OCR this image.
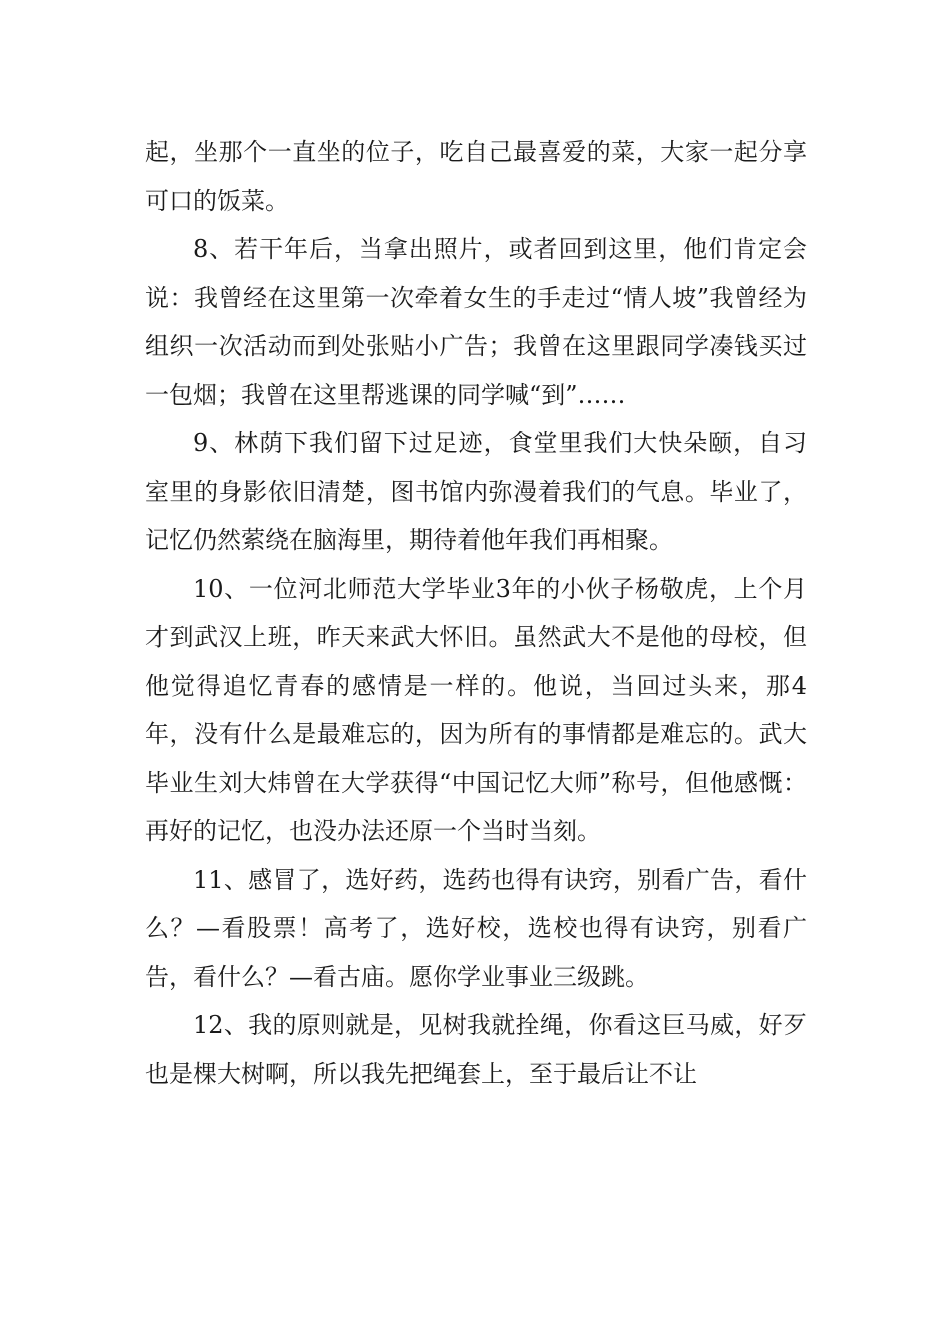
起，坐那个一直坐的位子，吃自己最喜爱的菜，大家一起分享可口的饭菜。

8、若干年后，当拿出照片，或者回到这里，他们肯定会说：我曾经在这里第一次牵着女生的手走过“情人坡”我曾经为组织一次活动而到处张贴小广告；我曾在这里跟同学凑钱买过一包烟；我曾在这里帮逃课的同学喊“到”……

9、林荫下我们留下过足迹，食堂里我们大快朵颐，自习室里的身影依旧清楚，图书馆内弥漫着我们的气息。毕业了，记忆仍然萦绕在脑海里，期待着他年我们再相聚。

10、一位河北师范大学毕业3年的小伙子杨敬虎，上个月才到武汉上班，昨天来武大怀旧。虽然武大不是他的母校，但他觉得追忆青春的感情是一样的。他说，当回过头来，那4年，没有什么是最难忘的，因为所有的事情都是难忘的。武大毕业生刘大炜曾在大学获得“中国记忆大师”称号，但他感慨：再好的记忆，也没办法还原一个当时当刻。

11、感冒了，选好药，选药也得有诀窍，别看广告，看什么？—看股票！高考了，选好校，选校也得有诀窍，别看广告，看什么？—看古庙。愿你学业事业三级跳。

12、我的原则就是，见树我就拴绳，你看这巨马威，好歹也是棵大树啊，所以我先把绳套上，至于最后让不让
